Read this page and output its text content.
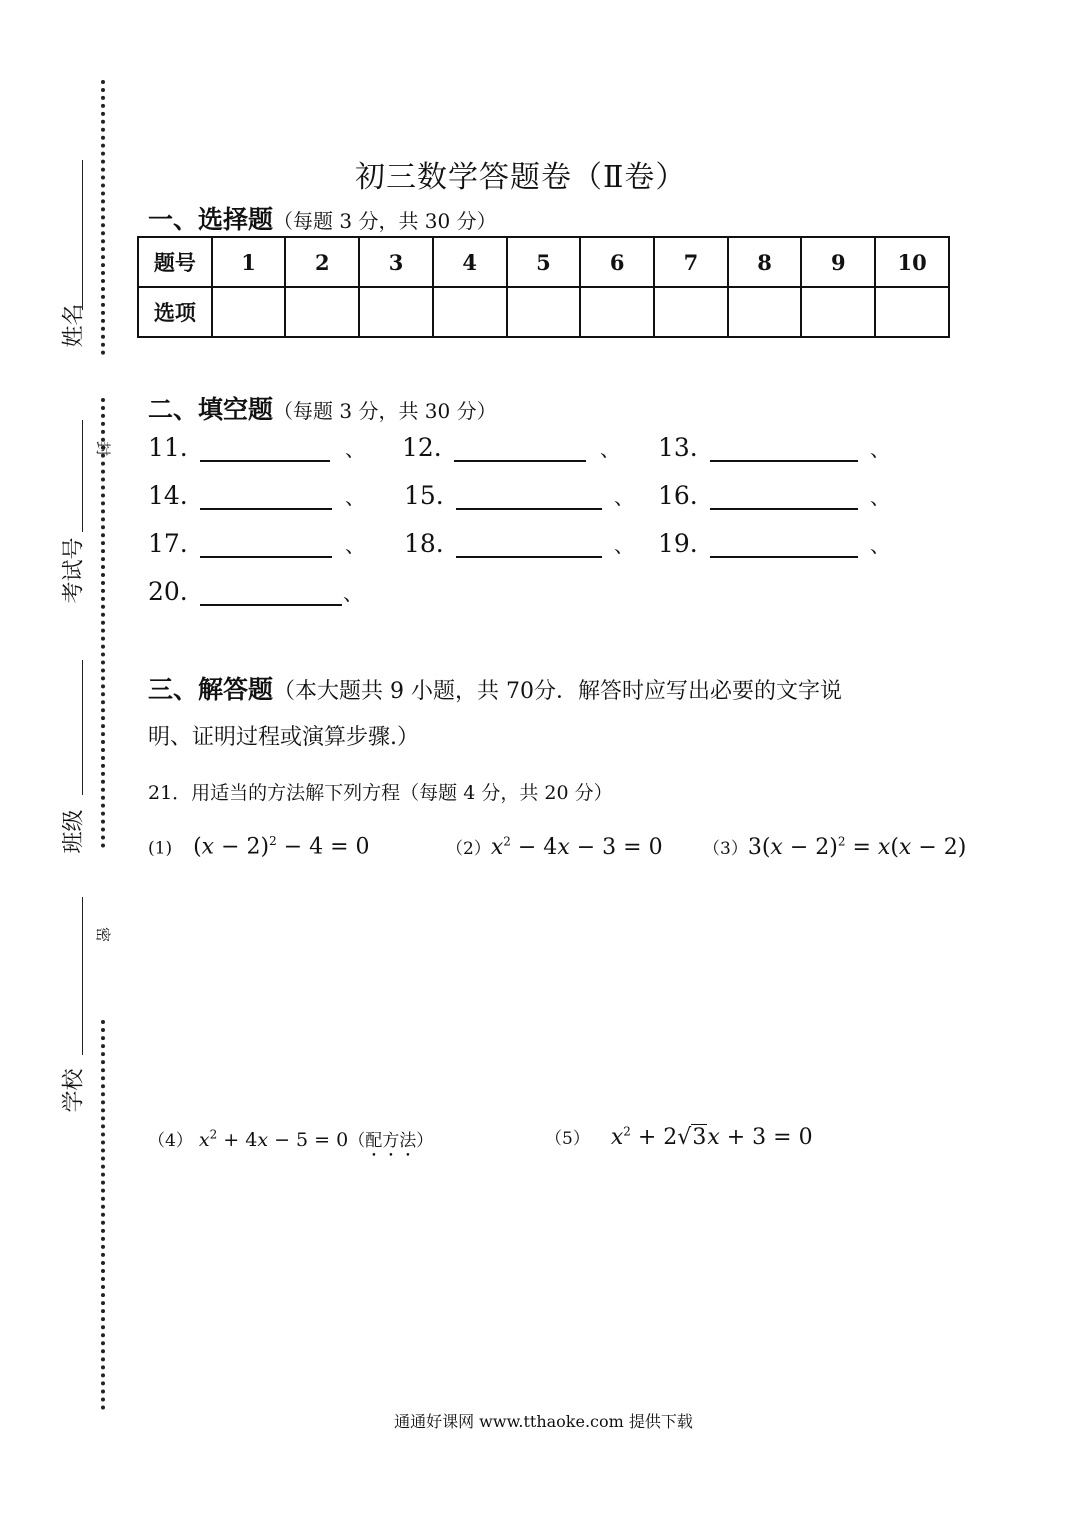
姓名
考试号
封
班级
学校
密
初三数学答题卷（Ⅱ卷）
一、选择题（每题 3 分，共 30 分）
题号	1	2	3	4	5	6	7	8	9	10
选项										
二、填空题（每题 3 分，共 30 分）
11.	、 12.	、 13.	、
14.	、 15.	、 16.	、
17.	、 18.	、 19.	、
20.	、
三、解答题（本大题共 9 小题，共 70分．解答时应写出必要的文字说
明、证明过程或演算步骤.）
21．用适当的方法解下列方程（每题 4 分，共 20 分）
(1)   $(x - 2)^2 - 4 = 0$	$(2)x^2 - 4x - 3 = 0$ $(3)3(x - 2)^2 = x(x - 2)$
（4） $x^2 + 4x - 5 = 0$（配方法）	（5） $x^2 + 2√3x + 3 = 0$
通通好课网 www.tthaoke.com 提供下载
